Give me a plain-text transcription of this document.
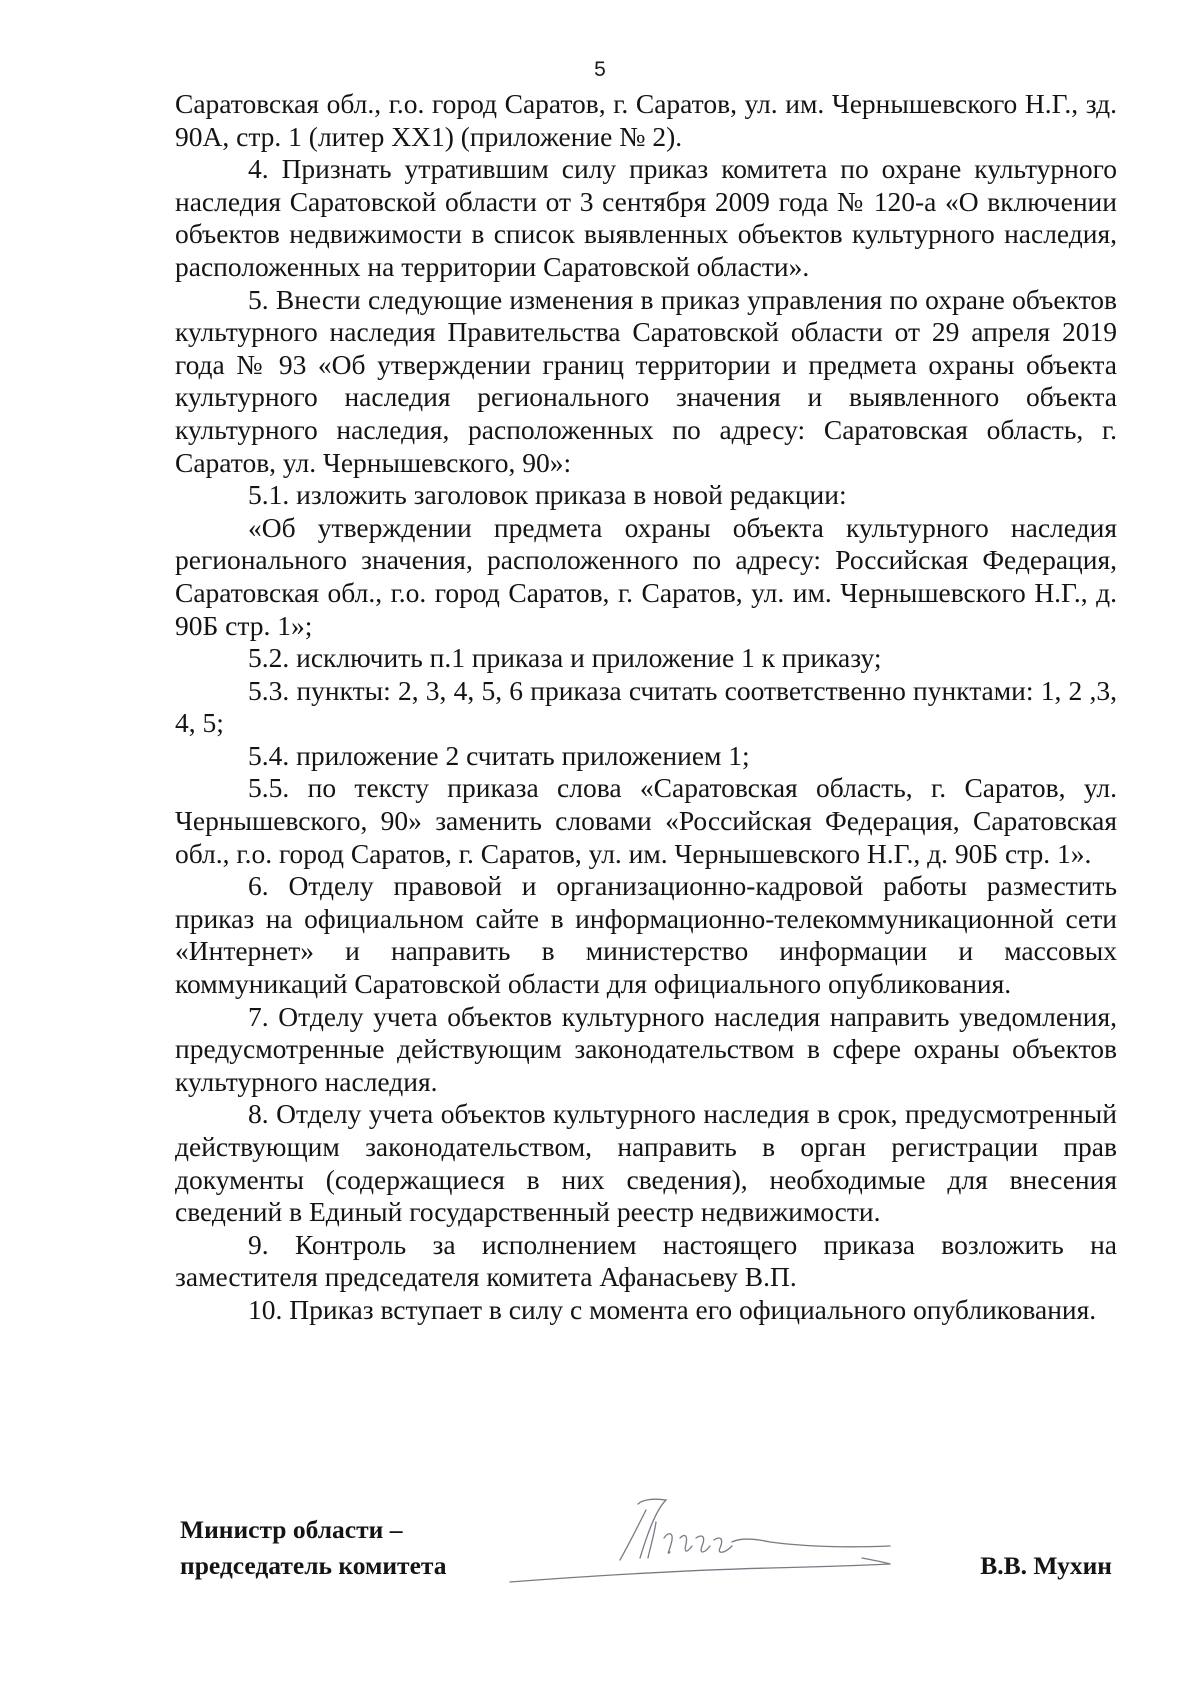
5

Саратовская обл., г.о. город Саратов, г. Саратов, ул. им. Чернышевского Н.Г., зд. 90А, стр. 1 (литер ХХ1) (приложение № 2).

4. Признать утратившим силу приказ комитета по охране культурного наследия Саратовской области от 3 сентября 2009 года № 120-а «О включении объектов недвижимости в список выявленных объектов культурного наследия, расположенных на территории Саратовской области».

5. Внести следующие изменения в приказ управления по охране объектов культурного наследия Правительства Саратовской области от 29 апреля 2019 года № 93 «Об утверждении границ территории и предмета охраны объекта культурного наследия регионального значения и выявленного объекта культурного наследия, расположенных по адресу: Саратовская область, г. Саратов, ул. Чернышевского, 90»:

5.1. изложить заголовок приказа в новой редакции:

«Об утверждении предмета охраны объекта культурного наследия регионального значения, расположенного по адресу: Российская Федерация, Саратовская обл., г.о. город Саратов, г. Саратов, ул. им. Чернышевского Н.Г., д. 90Б стр. 1»;

5.2. исключить п.1 приказа и приложение 1 к приказу;

5.3. пункты: 2, 3, 4, 5, 6 приказа считать соответственно пунктами: 1, 2 ,3, 4, 5;

5.4. приложение 2 считать приложением 1;

5.5. по тексту приказа слова «Саратовская область, г. Саратов, ул. Чернышевского, 90» заменить словами «Российская Федерация, Саратовская обл., г.о. город Саратов, г. Саратов, ул. им. Чернышевского Н.Г., д. 90Б стр. 1».

6. Отделу правовой и организационно-кадровой работы разместить приказ на официальном сайте в информационно-телекоммуникационной сети «Интернет» и направить в министерство информации и массовых коммуникаций Саратовской области для официального опубликования.

7. Отделу учета объектов культурного наследия направить уведомления, предусмотренные действующим законодательством в сфере охраны объектов культурного наследия.

8. Отделу учета объектов культурного наследия в срок, предусмотренный действующим законодательством, направить в орган регистрации прав документы (содержащиеся в них сведения), необходимые для внесения сведений в Единый государственный реестр недвижимости.

9. Контроль за исполнением настоящего приказа возложить на заместителя председателя комитета Афанасьеву В.П.

10. Приказ вступает в силу с момента его официального опубликования.

Министр области –
председатель комитета	В.В. Мухин
